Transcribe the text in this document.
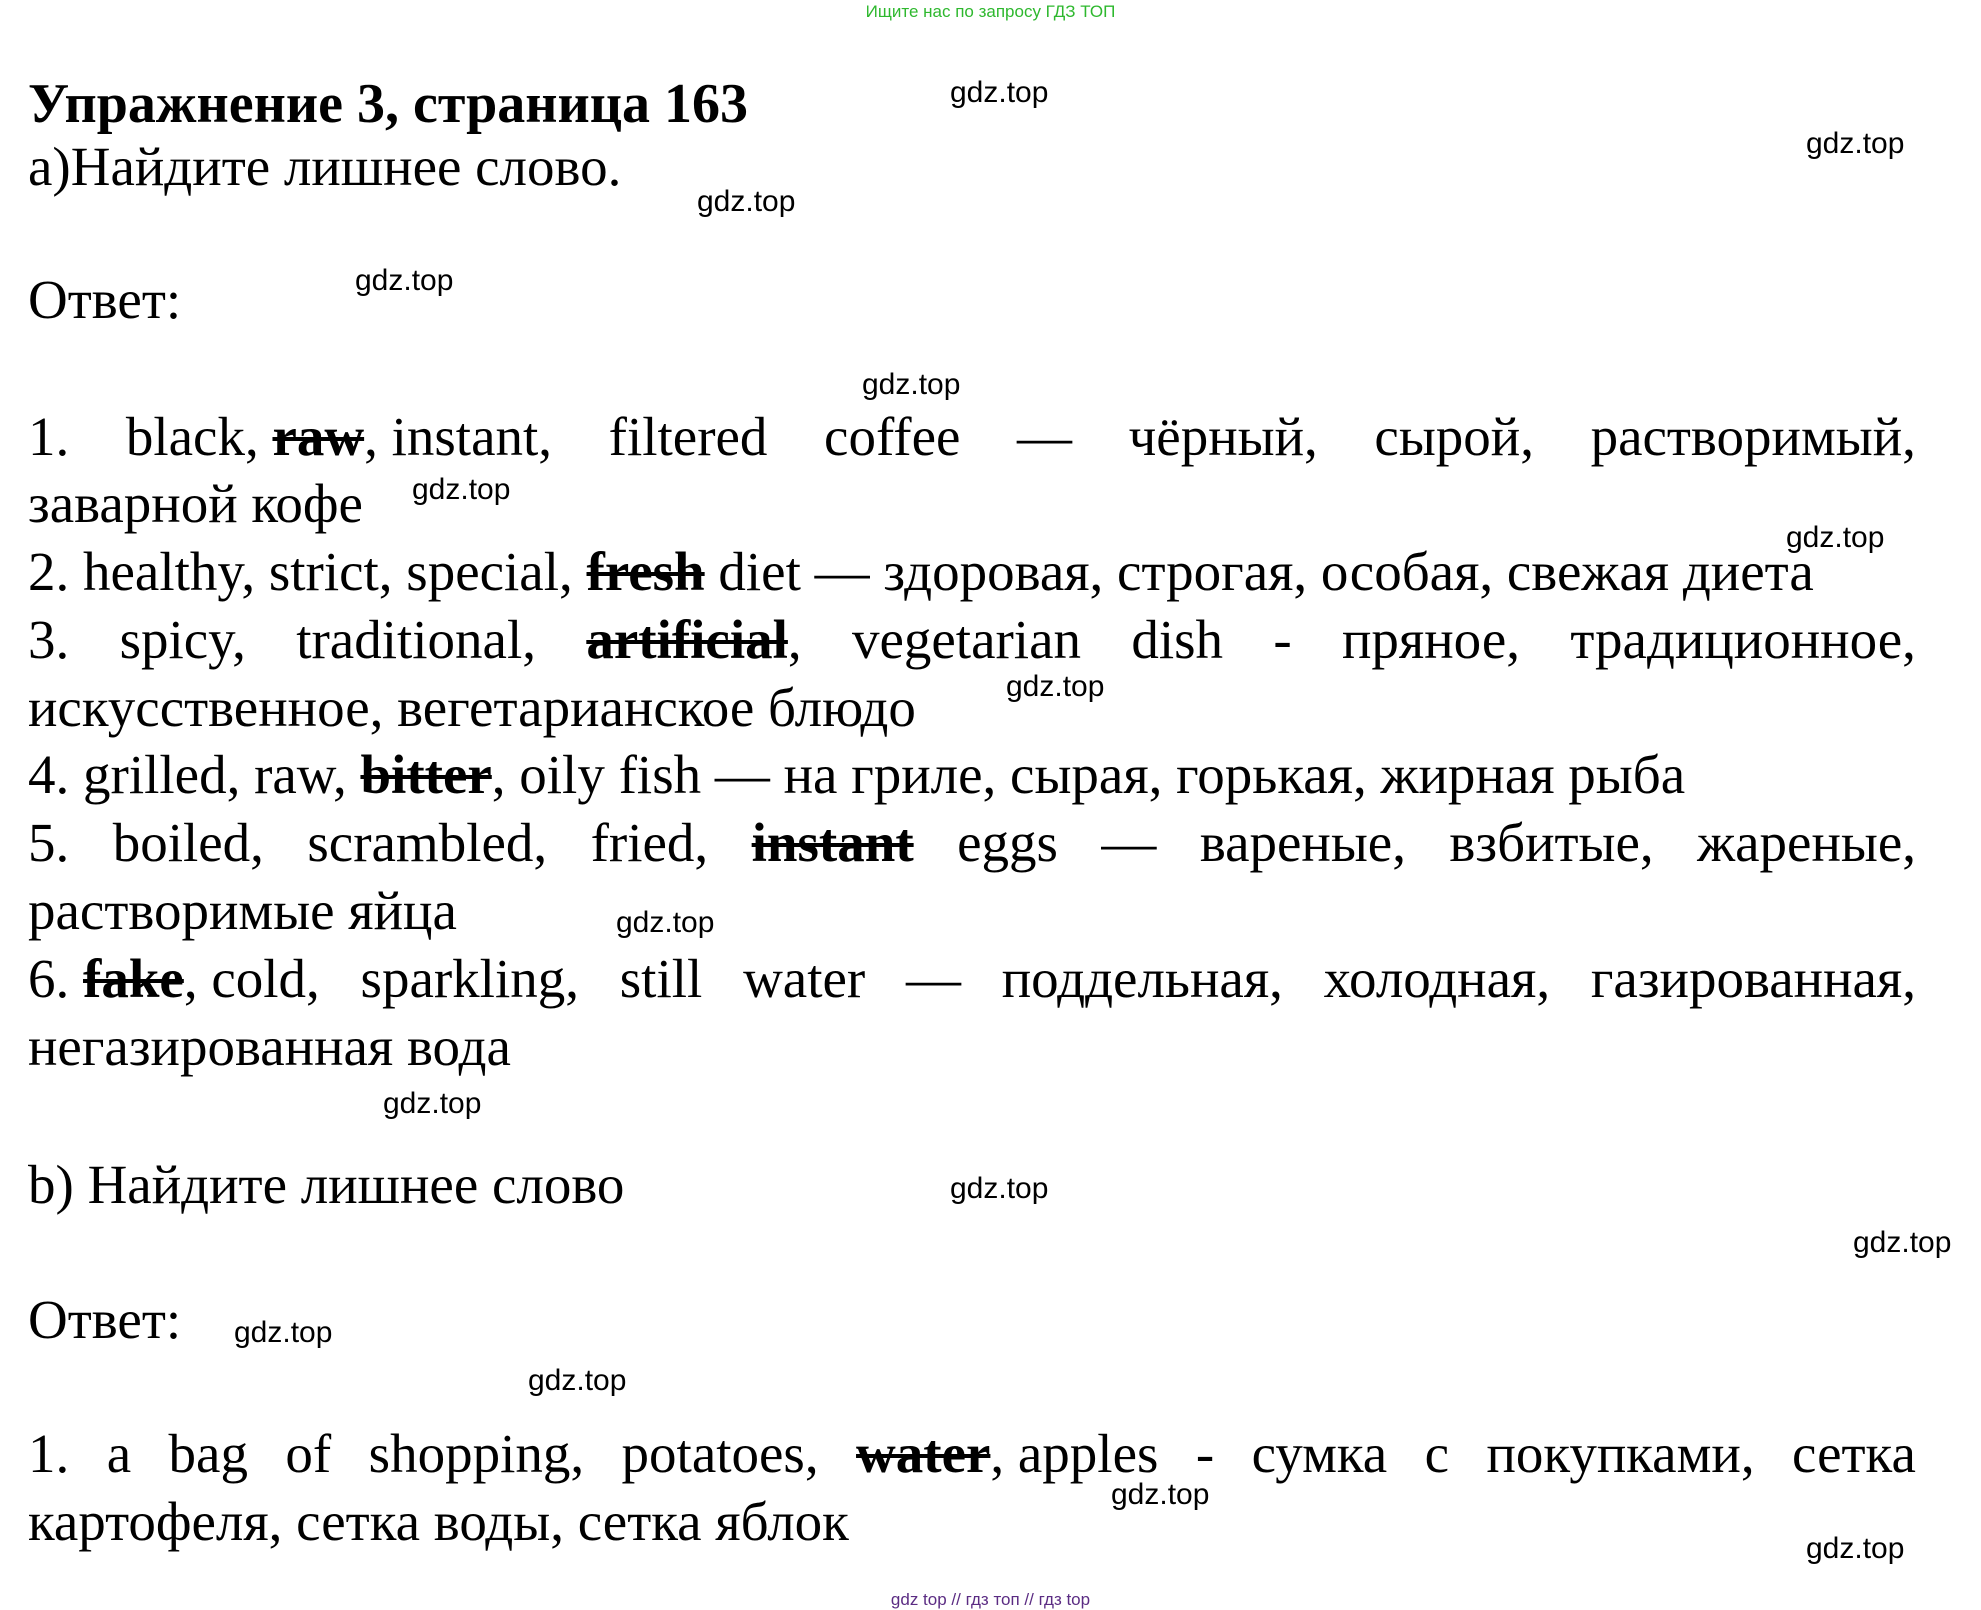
Ищите нас по запросу ГДЗ ТОП
Упражнение 3, страница 163
а)Найдите лишнее слово.
Ответ:
1. black, raw, instant, filtered coffee — чёрный, сырой, растворимый,
заварной кофе
2. healthy, strict, special, fresh diet — здоровая, строгая, особая, свежая диета
3. spicy, traditional, artificial, vegetarian dish - пряное, традиционное,
искусственное, вегетарианское блюдо
4. grilled, raw, bitter, oily fish — на гриле, сырая, горькая, жирная рыба
5. boiled, scrambled, fried, instant eggs — вареные, взбитые, жареные,
растворимые яйца
6. fake, cold, sparkling, still water — поддельная, холодная, газированная,
негазированная вода
b) Найдите лишнее слово
Ответ:
1. a bag of shopping, potatoes, water, apples - сумка с покупками, сетка
картофеля, сетка воды, сетка яблок
gdz.top
gdz.top
gdz.top
gdz.top
gdz.top
gdz.top
gdz.top
gdz.top
gdz.top
gdz.top
gdz.top
gdz.top
gdz.top
gdz.top
gdz.top
gdz.top
gdz top // гдз топ // гдз top
